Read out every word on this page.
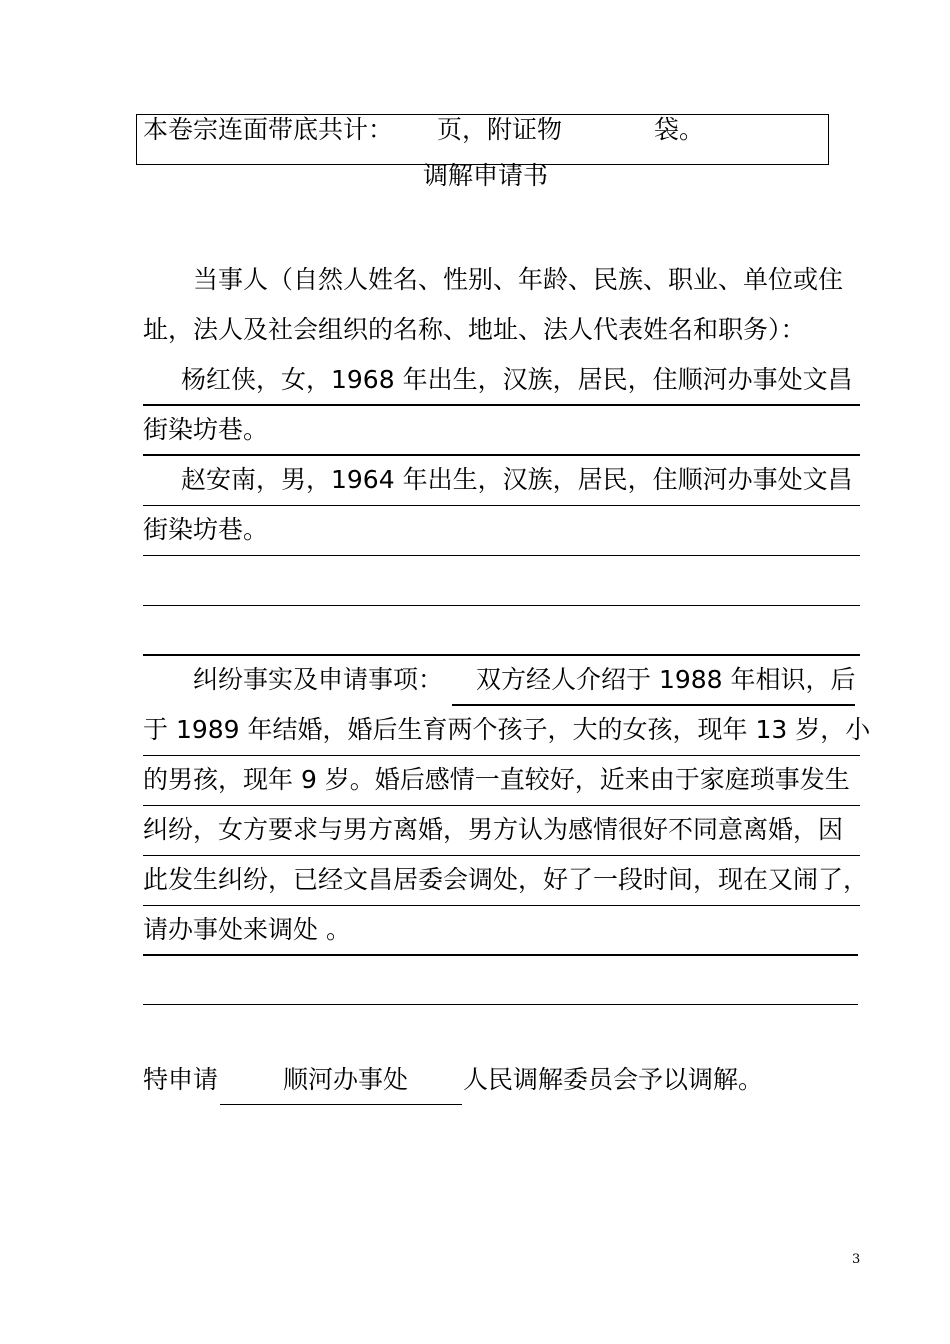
本卷宗连面带底共计： 页，附证物	袋。
调解申请书
当事人（自然人姓名、性别、年龄、民族、职业、单位或住
址，法人及社会组织的名称、地址、法人代表姓名和职务）：
杨红侠，女，1968 年出生，汉族，居民，住顺河办事处文昌
街染坊巷。
赵安南，男，1964 年出生，汉族，居民，住顺河办事处文昌
街染坊巷。
纠纷事实及申请事项： 双方经人介绍于 1988 年相识，后
于 1989 年结婚，婚后生育两个孩子，大的女孩，现年 13 岁，小
的男孩，现年 9 岁。婚后感情一直较好，近来由于家庭琐事发生
纠纷，女方要求与男方离婚，男方认为感情很好不同意离婚，因
此发生纠纷，已经文昌居委会调处，好了一段时间，现在又闹了，
请办事处来调处 。
特申请	顺河办事处 人民调解委员会予以调解。
3
